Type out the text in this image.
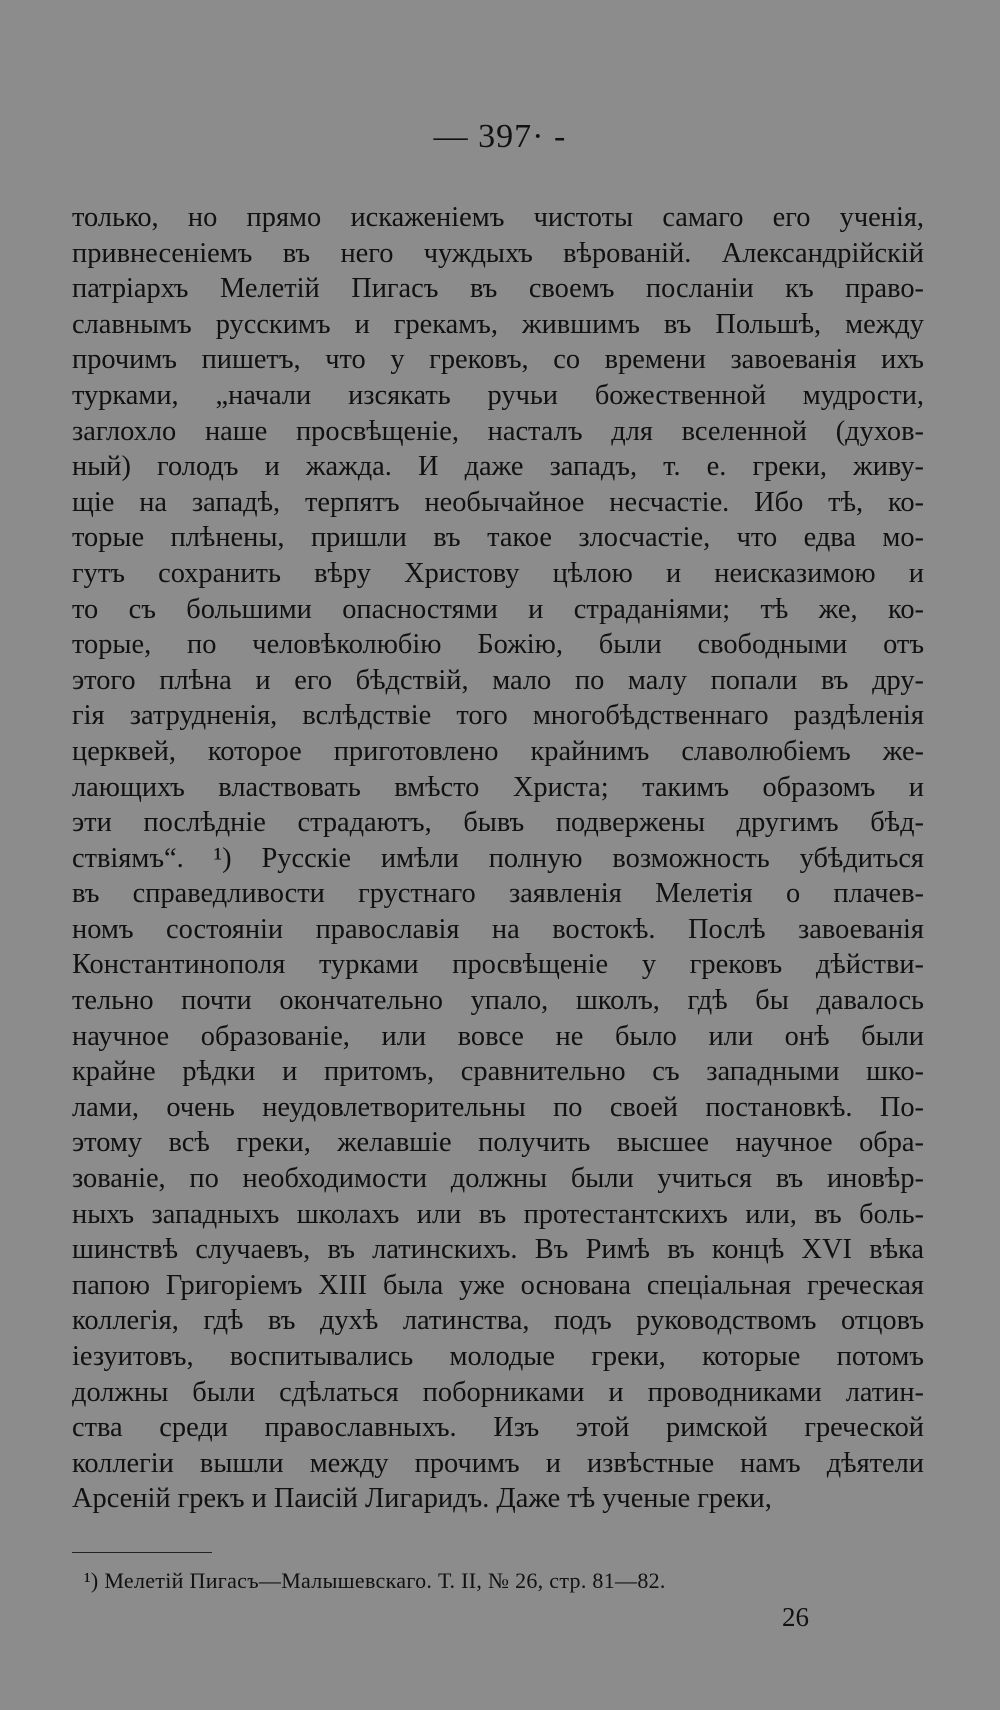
— 397· -
только, но прямо искаженіемъ чистоты самаго его ученія,
привнесеніемъ въ него чуждыхъ вѣрованій. Александрійскій
патріархъ Мелетій Пигасъ въ своемъ посланіи къ право-
славнымъ русскимъ и грекамъ, жившимъ въ Польшѣ, между
прочимъ пишетъ, что у грековъ, со времени завоеванія ихъ
турками, „начали изсякать ручьи божественной мудрости,
заглохло наше просвѣщеніе, насталъ для вселенной (духов-
ный) голодъ и жажда. И даже западъ, т. е. греки, живу-
щіе на западѣ, терпятъ необычайное несчастіе. Ибо тѣ, ко-
торые плѣнены, пришли въ такое злосчастіе, что едва мо-
гутъ сохранить вѣру Христову цѣлою и неисказимою и
то съ большими опасностями и страданіями; тѣ же, ко-
торые, по человѣколюбію Божію, были свободными отъ
этого плѣна и его бѣдствій, мало по малу попали въ дру-
гія затрудненія, вслѣдствіе того многобѣдственнаго раздѣленія
церквей, которое приготовлено крайнимъ славолюбіемъ же-
лающихъ властвовать вмѣсто Христа; такимъ образомъ и
эти послѣдніе страдаютъ, бывъ подвержены другимъ бѣд-
ствіямъ“. ¹) Русскіе имѣли полную возможность убѣдиться
въ справедливости грустнаго заявленія Мелетія о плачев-
номъ состояніи православія на востокѣ. Послѣ завоеванія
Константинополя турками просвѣщеніе у грековъ дѣйстви-
тельно почти окончательно упало, школъ, гдѣ бы давалось
научное образованіе, или вовсе не было или онѣ были
крайне рѣдки и притомъ, сравнительно съ западными шко-
лами, очень неудовлетворительны по своей постановкѣ. По-
этому всѣ греки, желавшіе получить высшее научное обра-
зованіе, по необходимости должны были учиться въ иновѣр-
ныхъ западныхъ школахъ или въ протестантскихъ или, въ боль-
шинствѣ случаевъ, въ латинскихъ. Въ Римѣ въ концѣ XVI вѣка
папою Григоріемъ XIII была уже основана спеціальная греческая
коллегія, гдѣ въ духѣ латинства, подъ руководствомъ отцовъ
іезуитовъ, воспитывались молодые греки, которые потомъ
должны были сдѣлаться поборниками и проводниками латин-
ства среди православныхъ. Изъ этой римской греческой
коллегіи вышли между прочимъ и извѣстные намъ дѣятели
Арсеній грекъ и Паисій Лигаридъ. Даже тѣ ученые греки,
¹) Мелетій Пигасъ—Малышевскаго. Т. II, № 26, стр. 81—82.
26
